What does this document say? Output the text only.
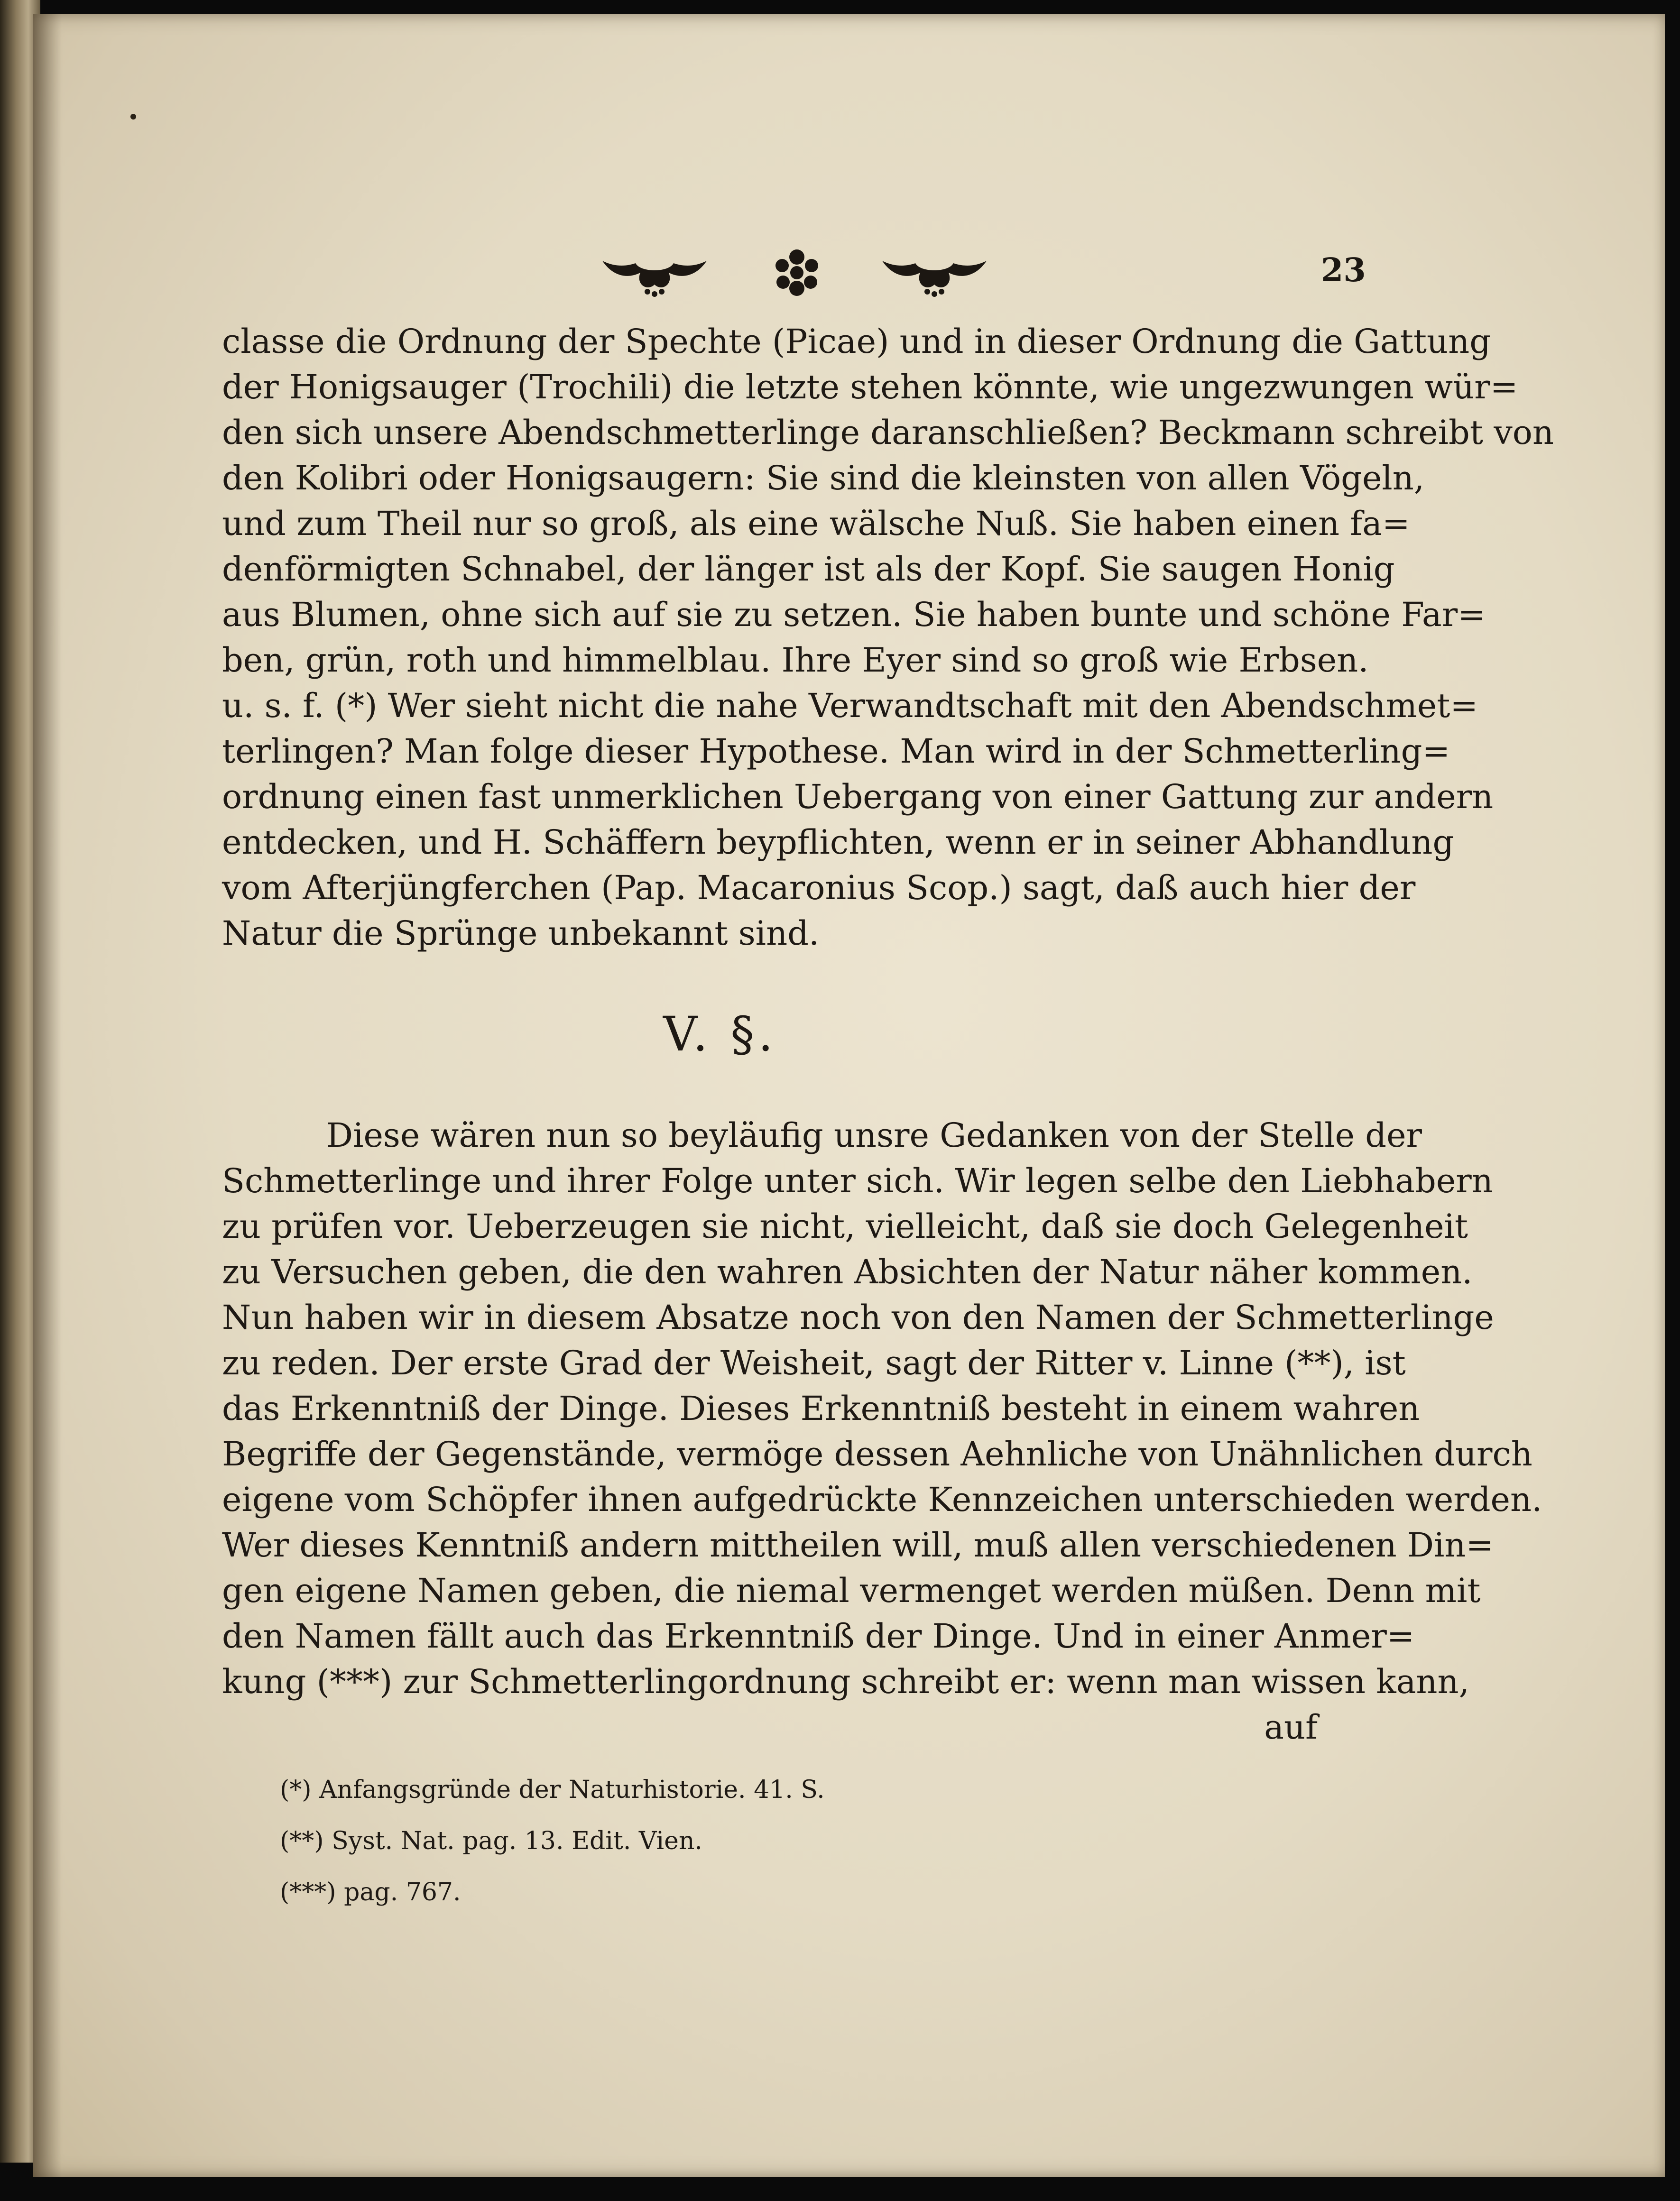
23
classe die Ordnung der Spechte (Picae) und in dieser Ordnung die Gattung
der Honigsauger (Trochili) die letzte stehen könnte, wie ungezwungen wür=
den sich unsere Abendschmetterlinge daranschließen? Beckmann schreibt von
den Kolibri oder Honigsaugern: Sie sind die kleinsten von allen Vögeln,
und zum Theil nur so groß, als eine wälsche Nuß. Sie haben einen fa=
denförmigten Schnabel, der länger ist als der Kopf. Sie saugen Honig
aus Blumen, ohne sich auf sie zu setzen. Sie haben bunte und schöne Far=
ben, grün, roth und himmelblau. Ihre Eyer sind so groß wie Erbsen.
u. s. f. (*) Wer sieht nicht die nahe Verwandtschaft mit den Abendschmet=
terlingen? Man folge dieser Hypothese. Man wird in der Schmetterling=
ordnung einen fast unmerklichen Uebergang von einer Gattung zur andern
entdecken, und H. Schäffern beypflichten, wenn er in seiner Abhandlung
vom Afterjüngferchen (Pap. Macaronius Scop.) sagt, daß auch hier der
Natur die Sprünge unbekannt sind.
V. §.
Diese wären nun so beyläufig unsre Gedanken von der Stelle der
Schmetterlinge und ihrer Folge unter sich. Wir legen selbe den Liebhabern
zu prüfen vor. Ueberzeugen sie nicht, vielleicht, daß sie doch Gelegenheit
zu Versuchen geben, die den wahren Absichten der Natur näher kommen.
Nun haben wir in diesem Absatze noch von den Namen der Schmetterlinge
zu reden. Der erste Grad der Weisheit, sagt der Ritter v. Linne (**), ist
das Erkenntniß der Dinge. Dieses Erkenntniß besteht in einem wahren
Begriffe der Gegenstände, vermöge dessen Aehnliche von Unähnlichen durch
eigene vom Schöpfer ihnen aufgedrückte Kennzeichen unterschieden werden.
Wer dieses Kenntniß andern mittheilen will, muß allen verschiedenen Din=
gen eigene Namen geben, die niemal vermenget werden müßen. Denn mit
den Namen fällt auch das Erkenntniß der Dinge. Und in einer Anmer=
kung (***) zur Schmetterlingordnung schreibt er: wenn man wissen kann,
auf
(*) Anfangsgründe der Naturhistorie. 41. S.
(**) Syst. Nat. pag. 13. Edit. Vien.
(***) pag. 767.
